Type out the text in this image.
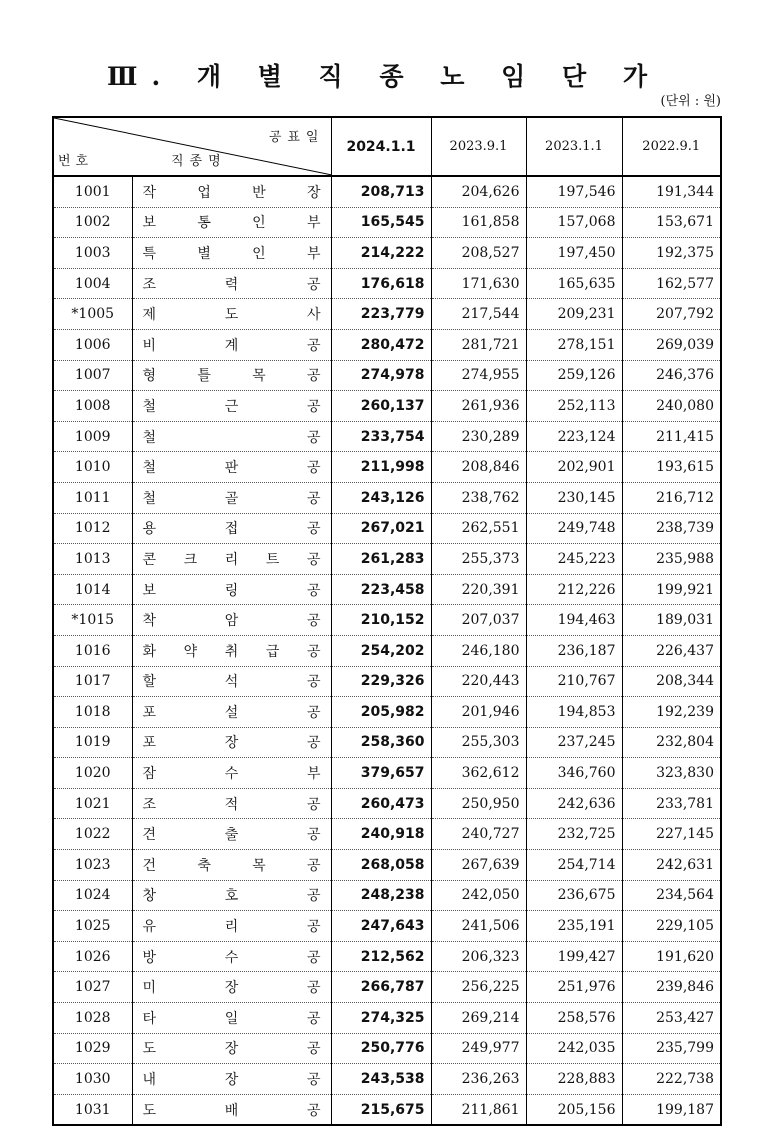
Ⅲ. 개 별 직 종 노 임 단 가
(단위 : 원)
공표일
번호 직종명		2024.1.1	2023.9.1	2023.1.1	2022.9.1
1001	작 업 반 장	208,713	204,626	197,546	191,344
1002	보 통 인 부	165,545	161,858	157,068	153,671
1003	특 별 인 부	214,222	208,527	197,450	192,375
1004	조 력 공	176,618	171,630	165,635	162,577
*1005	제 도 사	223,779	217,544	209,231	207,792
1006	비 계 공	280,472	281,721	278,151	269,039
1007	형 틀 목 공	274,978	274,955	259,126	246,376
1008	철 근 공	260,137	261,936	252,113	240,080
1009	철 공	233,754	230,289	223,124	211,415
1010	철 판 공	211,998	208,846	202,901	193,615
1011	철 골 공	243,126	238,762	230,145	216,712
1012	용 접 공	267,021	262,551	249,748	238,739
1013	콘 크 리 트 공	261,283	255,373	245,223	235,988
1014	보 링 공	223,458	220,391	212,226	199,921
*1015	착 암 공	210,152	207,037	194,463	189,031
1016	화 약 취 급 공	254,202	246,180	236,187	226,437
1017	할 석 공	229,326	220,443	210,767	208,344
1018	포 설 공	205,982	201,946	194,853	192,239
1019	포 장 공	258,360	255,303	237,245	232,804
1020	잠 수 부	379,657	362,612	346,760	323,830
1021	조 적 공	260,473	250,950	242,636	233,781
1022	견 출 공	240,918	240,727	232,725	227,145
1023	건 축 목 공	268,058	267,639	254,714	242,631
1024	창 호 공	248,238	242,050	236,675	234,564
1025	유 리 공	247,643	241,506	235,191	229,105
1026	방 수 공	212,562	206,323	199,427	191,620
1027	미 장 공	266,787	256,225	251,976	239,846
1028	타 일 공	274,325	269,214	258,576	253,427
1029	도 장 공	250,776	249,977	242,035	235,799
1030	내 장 공	243,538	236,263	228,883	222,738
1031	도 배 공	215,675	211,861	205,156	199,187
